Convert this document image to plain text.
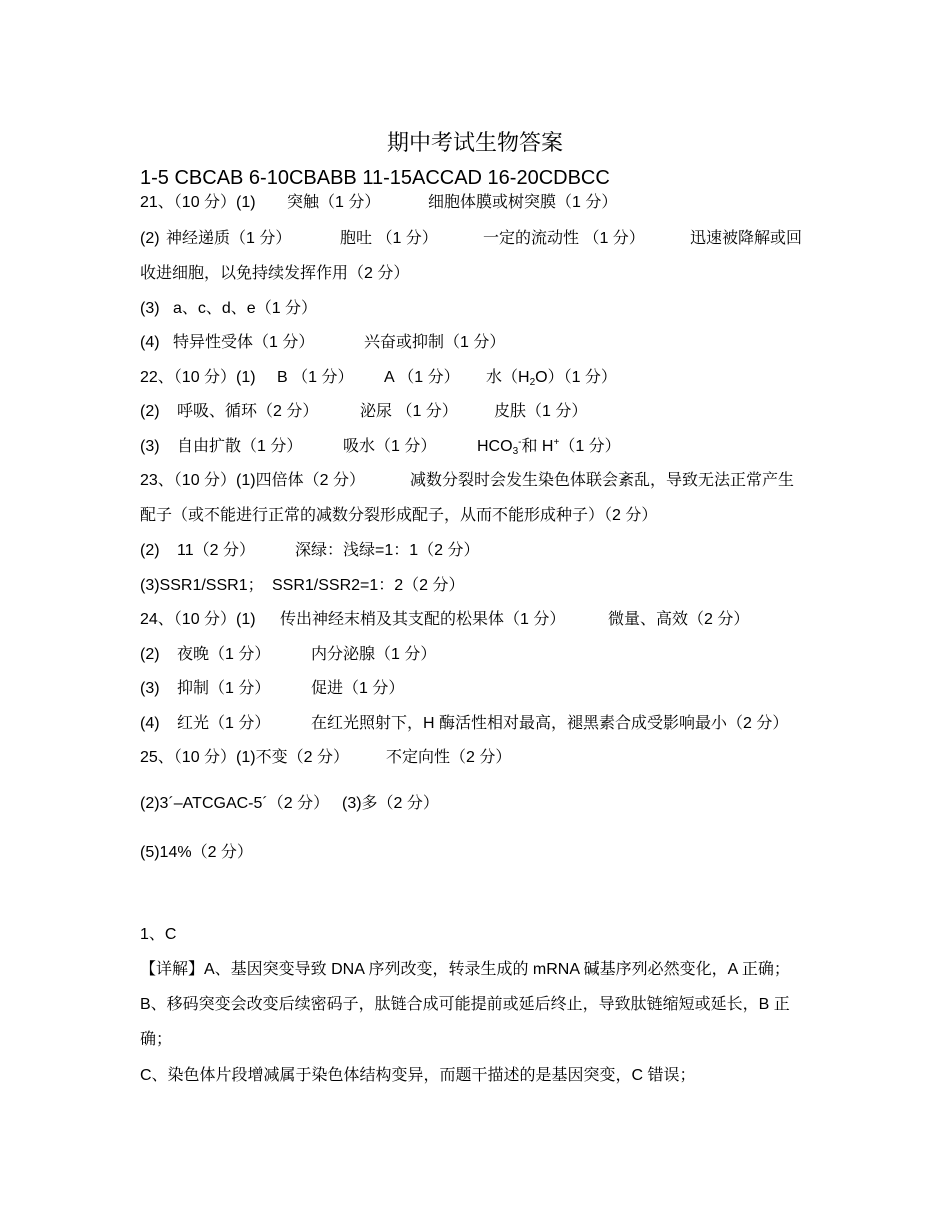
期中考试生物答案
1-5 CBCAB 6-10CBABB 11-15ACCAD 16-20CDBCC
21、（10 分）(1) 突触（1 分）	细胞体膜或树突膜（1 分）
(2) 神经递质（1 分）	胞吐 （1 分）	一定的流动性 （1 分）	迅速被降解或回
收进细胞，以免持续发挥作用（2 分）
(3) a、c、d、e（1 分）
(4) 特异性受体（1 分）	兴奋或抑制（1 分）
22、（10 分）(1) B （1 分） A （1 分） 水$(H_2O)(1$ 分）
(2) 呼吸、循环（2 分）	泌尿 （1 分） 皮肤（1 分）
(3) 自由扩散（1 分）	吸水（1 分）	$HCO_3^-$和 H+（1 分）
23、（10 分）(1)四倍体（2 分）	减数分裂时会发生染色体联会紊乱，导致无法正常产生
配子（或不能进行正常的减数分裂形成配子，从而不能形成种子）（2 分）
(2) 11（2 分）	深绿：浅绿=1：1（2 分）
(3)SSR1/SSR1； SSR1/SSR2=1：2（2 分）
24、（10 分）(1) 传出神经末梢及其支配的松果体（1 分）	微量、高效（2 分）
(2) 夜晚（1 分）	内分泌腺（1 分）
(3) 抑制（1 分）	促进（1 分）
(4) 红光（1 分）	在红光照射下，H 酶活性相对最高，褪黑素合成受影响最小（2 分）
25、（10 分）(1)不变（2 分） 不定向性（2 分）
(2)3´–ATCGAC-5´（2 分） (3)多（2 分）
(5)14%（2 分）
1、C
【详解】A、基因突变导致 DNA 序列改变，转录生成的 mRNA 碱基序列必然变化，A 正确；
B、移码突变会改变后续密码子，肽链合成可能提前或延后终止，导致肽链缩短或延长，B 正
确；
C、染色体片段增减属于染色体结构变异，而题干描述的是基因突变，C 错误；
